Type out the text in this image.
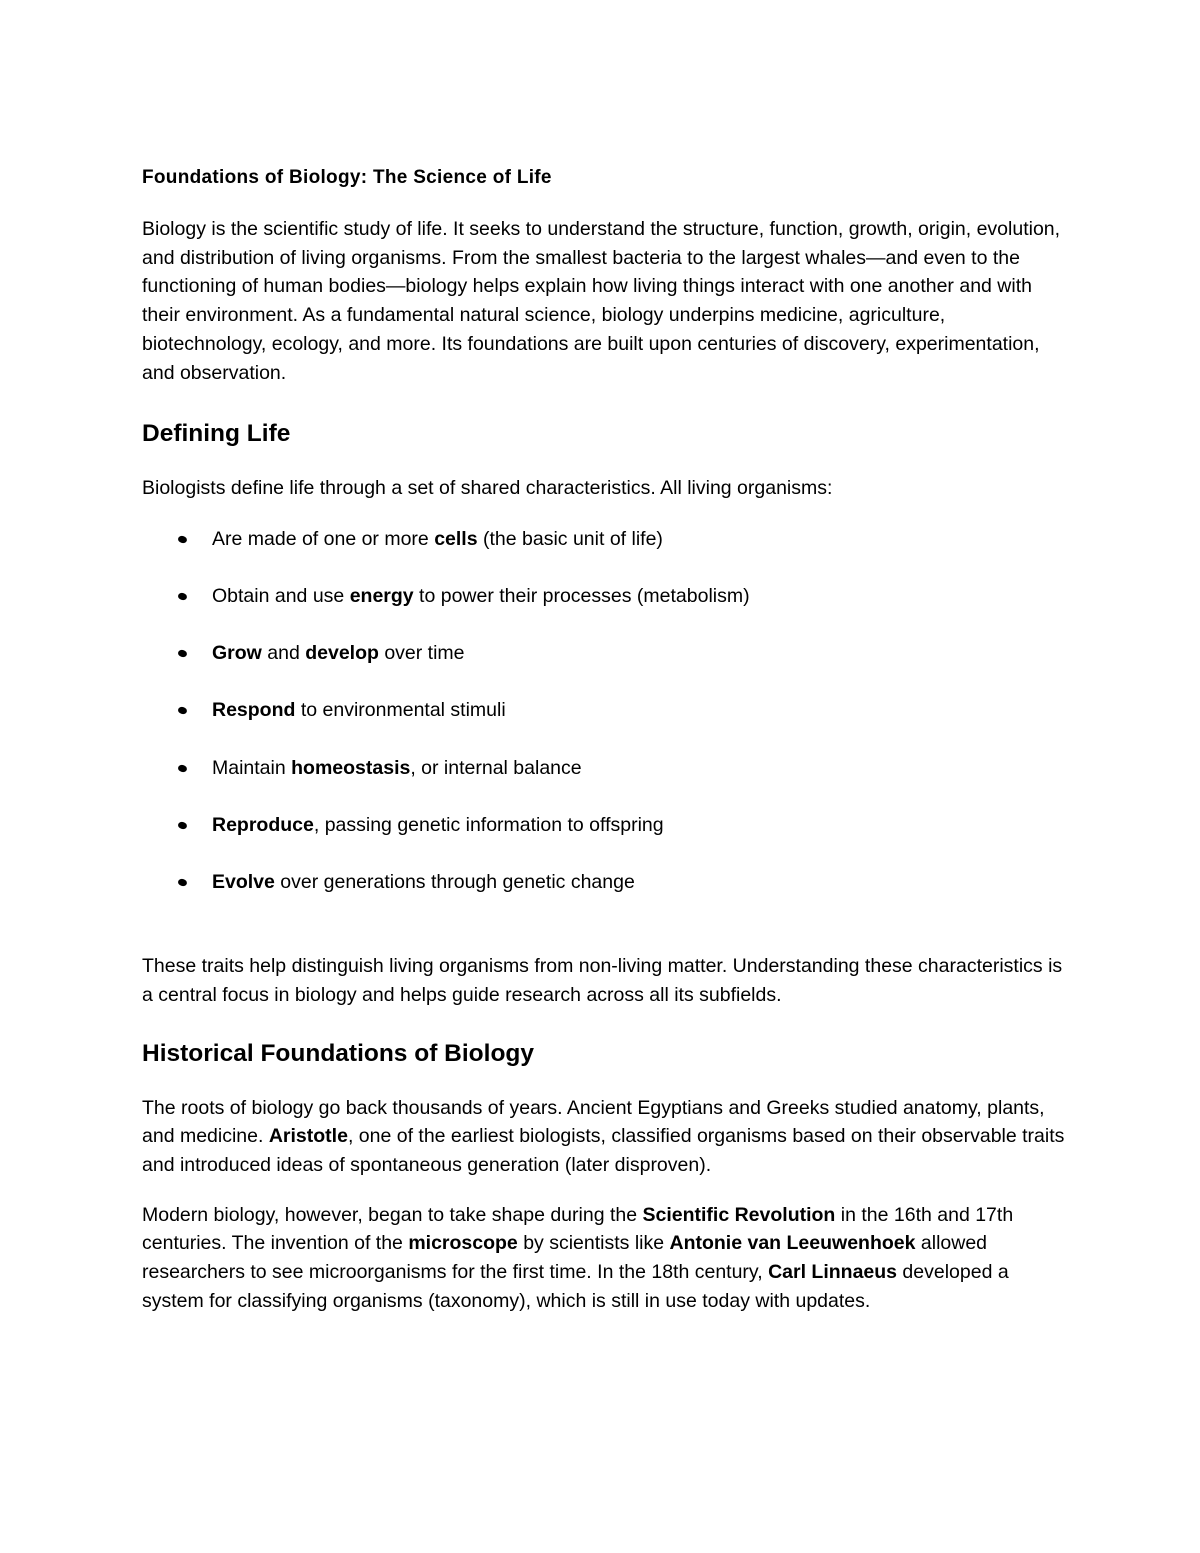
Foundations of Biology: The Science of Life

Biology is the scientific study of life. It seeks to understand the structure, function, growth, origin, evolution, and distribution of living organisms. From the smallest bacteria to the largest whales—and even to the functioning of human bodies—biology helps explain how living things interact with one another and with their environment. As a fundamental natural science, biology underpins medicine, agriculture, biotechnology, ecology, and more. Its foundations are built upon centuries of discovery, experimentation, and observation.

Defining Life

Biologists define life through a set of shared characteristics. All living organisms:

Are made of one or more cells (the basic unit of life)
Obtain and use energy to power their processes (metabolism)
Grow and develop over time
Respond to environmental stimuli
Maintain homeostasis, or internal balance
Reproduce, passing genetic information to offspring
Evolve over generations through genetic change

These traits help distinguish living organisms from non-living matter. Understanding these characteristics is a central focus in biology and helps guide research across all its subfields.

Historical Foundations of Biology

The roots of biology go back thousands of years. Ancient Egyptians and Greeks studied anatomy, plants, and medicine. Aristotle, one of the earliest biologists, classified organisms based on their observable traits and introduced ideas of spontaneous generation (later disproven).

Modern biology, however, began to take shape during the Scientific Revolution in the 16th and 17th centuries. The invention of the microscope by scientists like Antonie van Leeuwenhoek allowed researchers to see microorganisms for the first time. In the 18th century, Carl Linnaeus developed a system for classifying organisms (taxonomy), which is still in use today with updates.
